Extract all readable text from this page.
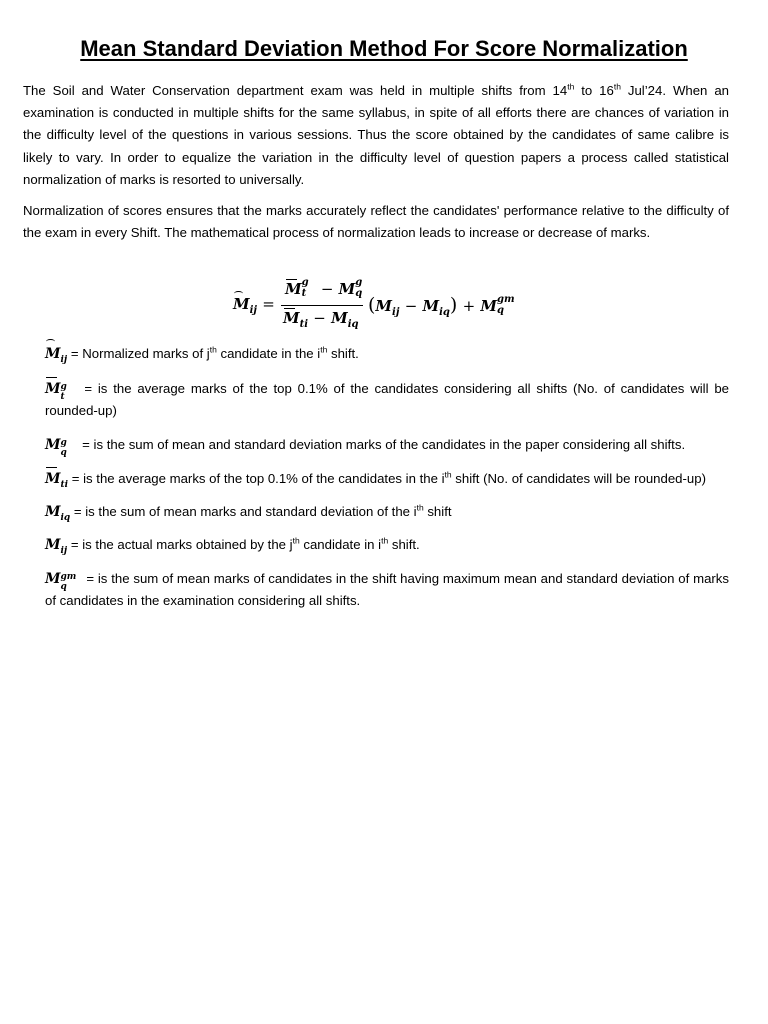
Mean Standard Deviation Method For Score Normalization
The Soil and Water Conservation department exam was held in multiple shifts from 14th to 16th Jul’24. When an examination is conducted in multiple shifts for the same syllabus, in spite of all efforts there are chances of variation in the difficulty level of the questions in various sessions. Thus the score obtained by the candidates of same calibre is likely to vary. In order to equalize the variation in the difficulty level of question papers a process called statistical normalization of marks is resorted to universally.
Normalization of scores ensures that the marks accurately reflect the candidates' performance relative to the difficulty of the exam in every Shift. The mathematical process of normalization leads to increase or decrease of marks.
$M_{ij}$ =
M g
t − M g
q
$M_{ti} - M_{iq}$
$(M_{ij} - M_{iq}) + M$ gm
q
$M_{ij}$ = Normalized marks of $j^{th}$ candidate in the $i^{th}$ shift.
M g
t
= is the average marks of the top 0.1% of the candidates considering all shifts (No. of candidates will be rounded-up)
M g
q
= is the sum of mean and standard deviation marks of the candidates in the paper considering all shifts.
$M_{ti}$ = is the average marks of the top 0.1% of the candidates in the $i^{th}$ shift (No. of candidates will be rounded-up)
$M_{iq}$ = is the sum of mean marks and standard deviation of the $i^{th}$ shift
$M_{ij}$ = is the actual marks obtained by the $j^{th}$ candidate in $i^{th}$ shift.
M gm
q
= is the sum of mean marks of candidates in the shift having maximum mean and standard deviation of marks of candidates in the examination considering all shifts.
